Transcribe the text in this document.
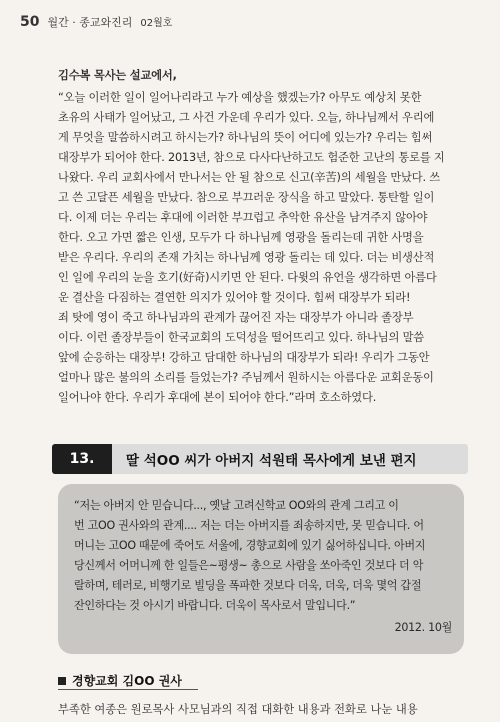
50 월간 · 종교와진리 02월호

김수복 목사는 설교에서,

“오늘 이러한 일이 일어나리라고 누가 예상을 했겠는가? 아무도 예상치 못한
초유의 사태가 일어났고, 그 사건 가운데 우리가 있다. 오늘, 하나님께서 우리에
게 무엇을 말씀하시려고 하시는가? 하나님의 뜻이 어디에 있는가? 우리는 힘써
대장부가 되어야 한다. 2013년, 참으로 다사다난하고도 험준한 고난의 통로를 지
나왔다. 우리 교회사에서 만나서는 안 될 참으로 신고(辛苦)의 세월을 만났다. 쓰
고 쓴 고달픈 세월을 만났다. 참으로 부끄러운 장식을 하고 말았다. 통탄할 일이
다. 이제 더는 우리는 후대에 이러한 부끄럽고 추악한 유산을 남겨주지 않아야
한다. 오고 가면 짧은 인생, 모두가 다 하나님께 영광을 돌리는데 귀한 사명을
받은 우리다. 우리의 존재 가치는 하나님께 영광 돌리는 데 있다. 더는 비생산적
인 일에 우리의 눈을 호기(好奇)시키면 안 된다. 다윗의 유언을 생각하면 아름다
운 결산을 다짐하는 결연한 의지가 있어야 할 것이다. 힘써 대장부가 되라!
죄 탓에 영이 죽고 하나님과의 관계가 끊어진 자는 대장부가 아니라 졸장부
이다. 이런 졸장부들이 한국교회의 도덕성을 떨어뜨리고 있다. 하나님의 말씀
앞에 순응하는 대장부! 강하고 담대한 하나님의 대장부가 되라! 우리가 그동안
얼마나 많은 불의의 소리를 들었는가? 주님께서 원하시는 아름다운 교회운동이
일어나야 한다. 우리가 후대에 본이 되어야 한다.”라며 호소하였다.
13.	딸 석OO 씨가 아버지 석원태 목사에게 보낸 편지
“저는 아버지 안 믿습니다..., 옛날 고려신학교 OO와의 관계 그리고 이
번 고OO 권사와의 관계.... 저는 더는 아버지를 죄송하지만, 못 믿습니다. 어
머니는 고OO 때문에 죽어도 서울에, 경향교회에 있기 싫어하십니다. 아버지
당신께서 어머니께 한 일들은~평생~ 총으로 사람을 쏘아죽인 것보다 더 악
랄하며, 테러로, 비행기로 빌딩을 폭파한 것보다 더욱, 더욱, 더욱 몇억 갑절
잔인하다는 것 아시기 바랍니다. 더욱이 목사로서 말입니다.”
2012. 10월
경향교회 김OO 권사
부족한 여종은 원로목사 사모님과의 직접 대화한 내용과 전화로 나눈 내용
